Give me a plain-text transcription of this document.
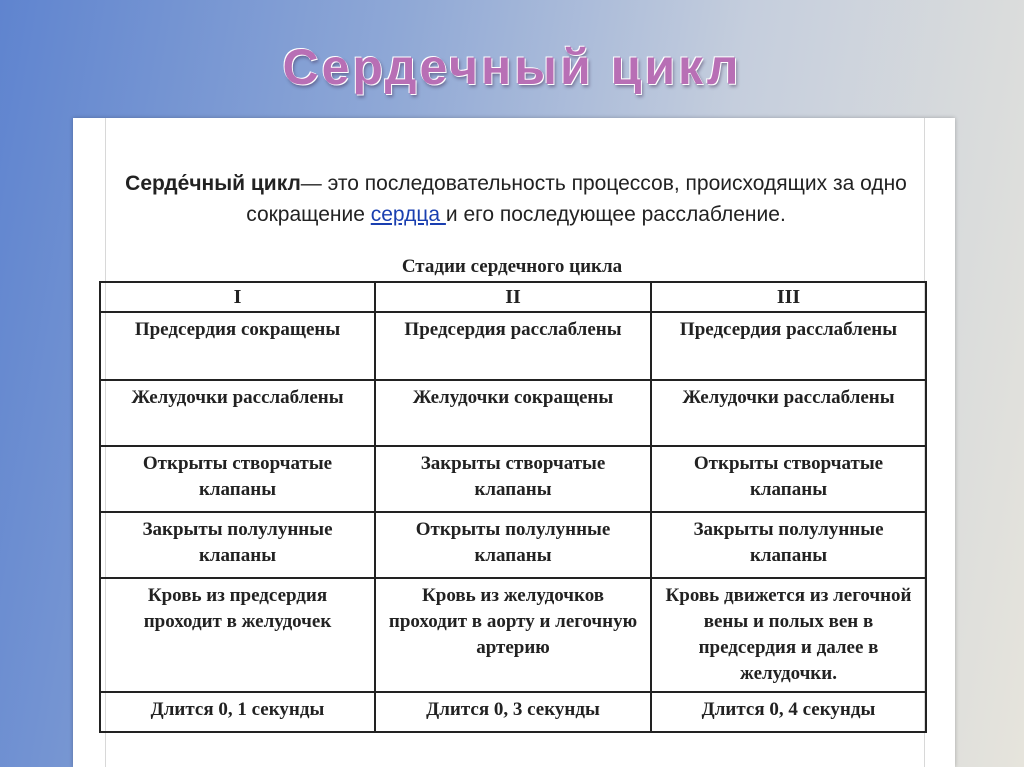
Сердечный цикл
Серде́чный цикл— это последовательность процессов, происходящих за одно сокращение сердца и его последующее расслабление.
Стадии сердечного цикла
I	II	III
Предсердия сокращены	Предсердия расслаблены	Предсердия расслаблены
Желудочки расслаблены	Желудочки сокращены	Желудочки расслаблены
Открыты створчатые клапаны	Закрыты створчатые клапаны	Открыты створчатые клапаны
Закрыты полулунные клапаны	Открыты полулунные клапаны	Закрыты полулунные клапаны
Кровь из предсердия проходит в желудочек	Кровь из желудочков проходит в аорту и легочную артерию	Кровь движется из легочной вены и полых вен в предсердия и далее в желудочки.
Длится 0, 1 секунды	Длится 0, 3 секунды	Длится 0, 4 секунды
